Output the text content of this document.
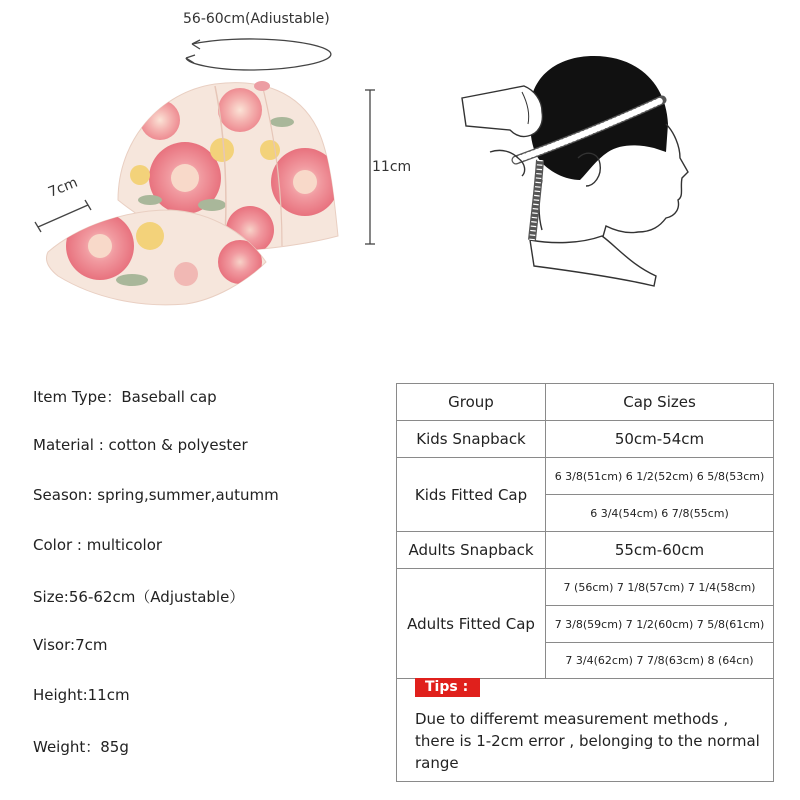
56-60cm(Adiustable)
11cm
7cm
Item Type：Baseball cap
Material : cotton & polyester
Season: spring,summer,autumm
Color : multicolor
Size:56-62cm（Adjustable）
Visor:7cm
Height:11cm
Weight：85g
Group	Cap Sizes
Kids Snapback	50cm-54cm
Kids Fitted Cap	6 3/8(51cm) 6 1/2(52cm) 6 5/8(53cm)
	6 3/4(54cm) 6 7/8(55cm)
Adults Snapback	55cm-60cm
Adults Fitted Cap	7 (56cm) 7 1/8(57cm) 7 1/4(58cm)
	7 3/8(59cm) 7 1/2(60cm) 7 5/8(61cm)
	7 3/4(62cm) 7 7/8(63cm) 8 (64cn)
Tips :
Due to differemt measurement methods , there is 1-2cm error , belonging to the normal range
